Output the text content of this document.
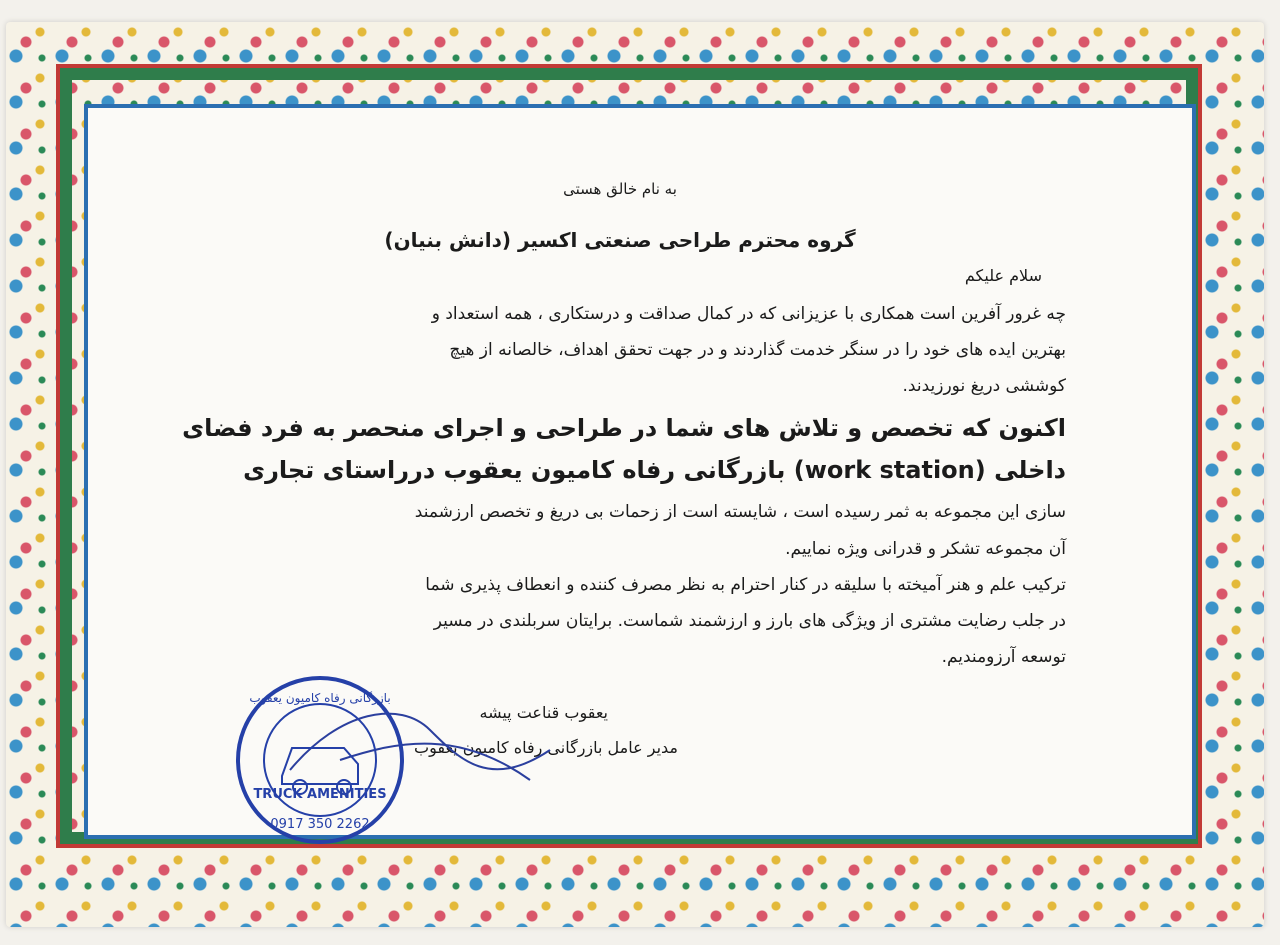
به نام خالق هستی
گروه محترم طراحی صنعتی اکسیر (دانش بنیان)
سلام علیکم
چه غرور آفرین است همکاری با عزیزانی که در کمال صداقت و درستکاری ، همه استعداد و
بهترین ایده های خود را در سنگر خدمت گذاردند و در جهت تحقق اهداف، خالصانه از هیچ
کوششی دریغ نورزیدند.
اکنون که تخصص و تلاش های شما در طراحی و اجرای منحصر به فرد فضای
داخلی (work station) بازرگانی رفاه کامیون یعقوب درراستای تجاری
سازی این مجموعه به ثمر رسیده است ، شایسته است از زحمات بی دریغ و تخصص ارزشمند
آن مجموعه تشکر و قدرانی ویژه نماییم.
ترکیب علم و هنر آمیخته با سلیقه در کنار احترام به نظر مصرف کننده و انعطاف پذیری شما
در جلب رضایت مشتری از ویژگی های بارز و ارزشمند شماست. برایتان سربلندی در مسیر
توسعه آرزومندیم.
یعقوب قناعت پیشه
مدیر عامل بازرگانی رفاه کامیون یعقوب
بازرگانی رفاه کامیون یعقوب
TRUCK AMENITIES
0917 350 2262
